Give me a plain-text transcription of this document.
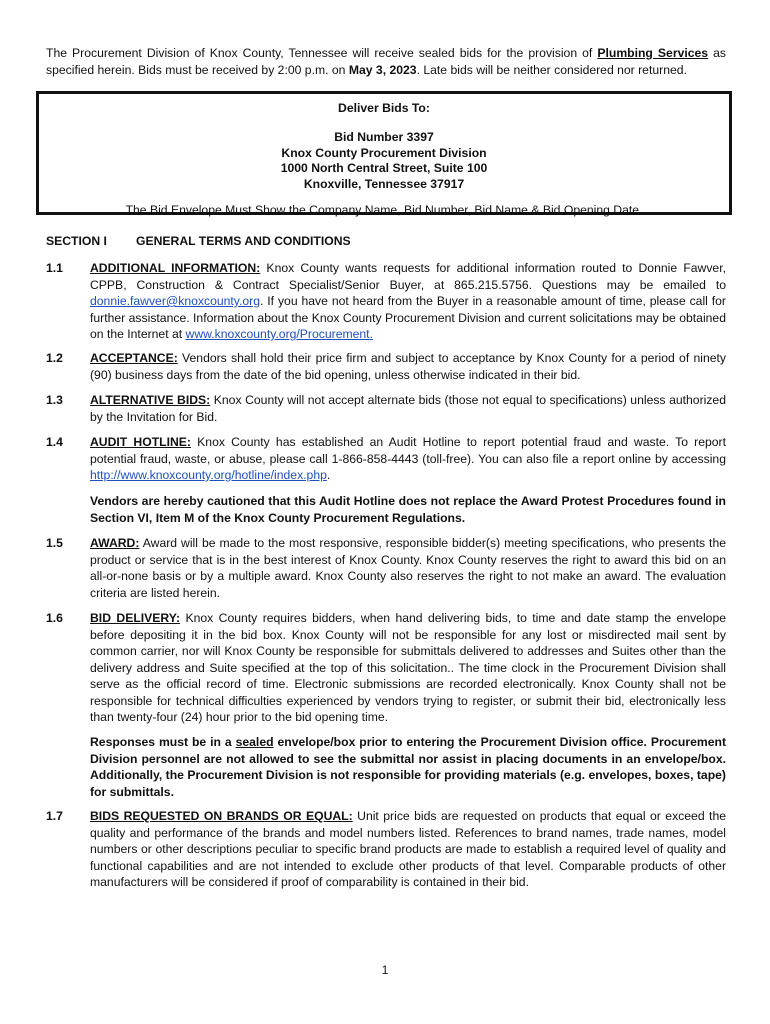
The Procurement Division of Knox County, Tennessee will receive sealed bids for the provision of Plumbing Services as specified herein. Bids must be received by 2:00 p.m. on May 3, 2023. Late bids will be neither considered nor returned.
Deliver Bids To:
Bid Number 3397
Knox County Procurement Division
1000 North Central Street, Suite 100
Knoxville, Tennessee 37917
The Bid Envelope Must Show the Company Name, Bid Number, Bid Name & Bid Opening Date.
SECTION I GENERAL TERMS AND CONDITIONS
1.1 ADDITIONAL INFORMATION: Knox County wants requests for additional information routed to Donnie Fawver, CPPB, Construction & Contract Specialist/Senior Buyer, at 865.215.5756. Questions may be emailed to donnie.fawver@knoxcounty.org. If you have not heard from the Buyer in a reasonable amount of time, please call for further assistance. Information about the Knox County Procurement Division and current solicitations may be obtained on the Internet at www.knoxcounty.org/Procurement.
1.2 ACCEPTANCE: Vendors shall hold their price firm and subject to acceptance by Knox County for a period of ninety (90) business days from the date of the bid opening, unless otherwise indicated in their bid.
1.3 ALTERNATIVE BIDS: Knox County will not accept alternate bids (those not equal to specifications) unless authorized by the Invitation for Bid.
1.4 AUDIT HOTLINE: Knox County has established an Audit Hotline to report potential fraud and waste. To report potential fraud, waste, or abuse, please call 1-866-858-4443 (toll-free). You can also file a report online by accessing http://www.knoxcounty.org/hotline/index.php.
Vendors are hereby cautioned that this Audit Hotline does not replace the Award Protest Procedures found in Section VI, Item M of the Knox County Procurement Regulations.
1.5 AWARD: Award will be made to the most responsive, responsible bidder(s) meeting specifications, who presents the product or service that is in the best interest of Knox County. Knox County reserves the right to award this bid on an all-or-none basis or by a multiple award. Knox County also reserves the right to not make an award. The evaluation criteria are listed herein.
1.6 BID DELIVERY: Knox County requires bidders, when hand delivering bids, to time and date stamp the envelope before depositing it in the bid box. Knox County will not be responsible for any lost or misdirected mail sent by common carrier, nor will Knox County be responsible for submittals delivered to addresses and Suites other than the delivery address and Suite specified at the top of this solicitation.. The time clock in the Procurement Division shall serve as the official record of time. Electronic submissions are recorded electronically. Knox County shall not be responsible for technical difficulties experienced by vendors trying to register, or submit their bid, electronically less than twenty-four (24) hour prior to the bid opening time.
Responses must be in a sealed envelope/box prior to entering the Procurement Division office. Procurement Division personnel are not allowed to see the submittal nor assist in placing documents in an envelope/box. Additionally, the Procurement Division is not responsible for providing materials (e.g. envelopes, boxes, tape) for submittals.
1.7 BIDS REQUESTED ON BRANDS OR EQUAL: Unit price bids are requested on products that equal or exceed the quality and performance of the brands and model numbers listed. References to brand names, trade names, model numbers or other descriptions peculiar to specific brand products are made to establish a required level of quality and functional capabilities and are not intended to exclude other products of that level. Comparable products of other manufacturers will be considered if proof of comparability is contained in their bid.
1
